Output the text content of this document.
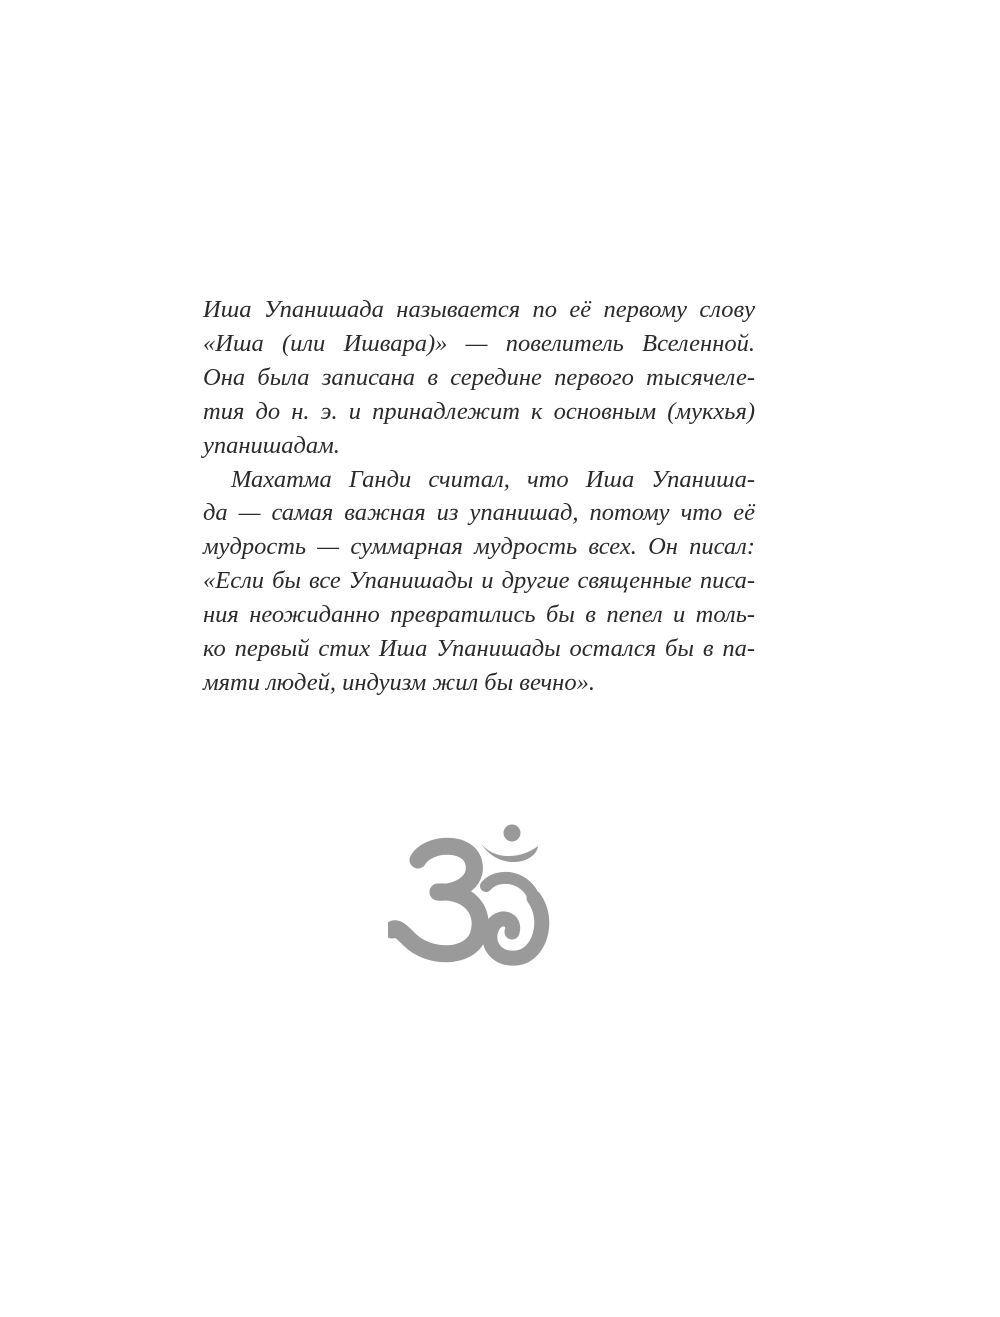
Иша Упанишада называется по её первому слову
«Иша (или Ишвара)» — повелитель Вселенной.
Она была записана в середине первого тысячеле-
тия до н. э. и принадлежит к основным (мукхья)
упанишадам.
Махатма Ганди считал, что Иша Упаниша-
да — самая важная из упанишад, потому что её
мудрость — суммарная мудрость всех. Он писал:
«Если бы все Упанишады и другие священные писа-
ния неожиданно превратились бы в пепел и толь-
ко первый стих Иша Упанишады остался бы в па-
мяти людей, индуизм жил бы вечно».
